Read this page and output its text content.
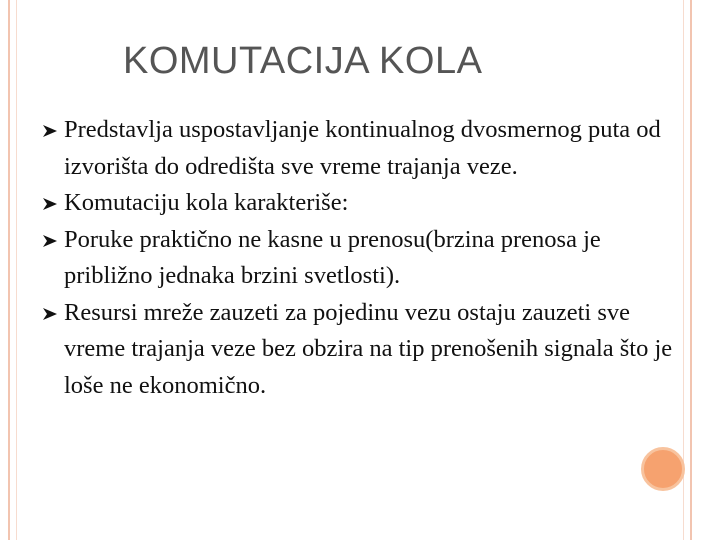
KOMUTACIJA KOLA
Predstavlja uspostavljanje kontinualnog dvosmernog puta od izvorišta do odredišta sve vreme trajanja veze.
Komutaciju kola karakteriše:
Poruke praktično ne kasne u prenosu(brzina prenosa je približno jednaka brzini svetlosti).
Resursi mreže zauzeti za pojedinu vezu ostaju zauzeti sve vreme trajanja veze bez obzira na tip prenošenih signala što je loše ne ekonomično.
